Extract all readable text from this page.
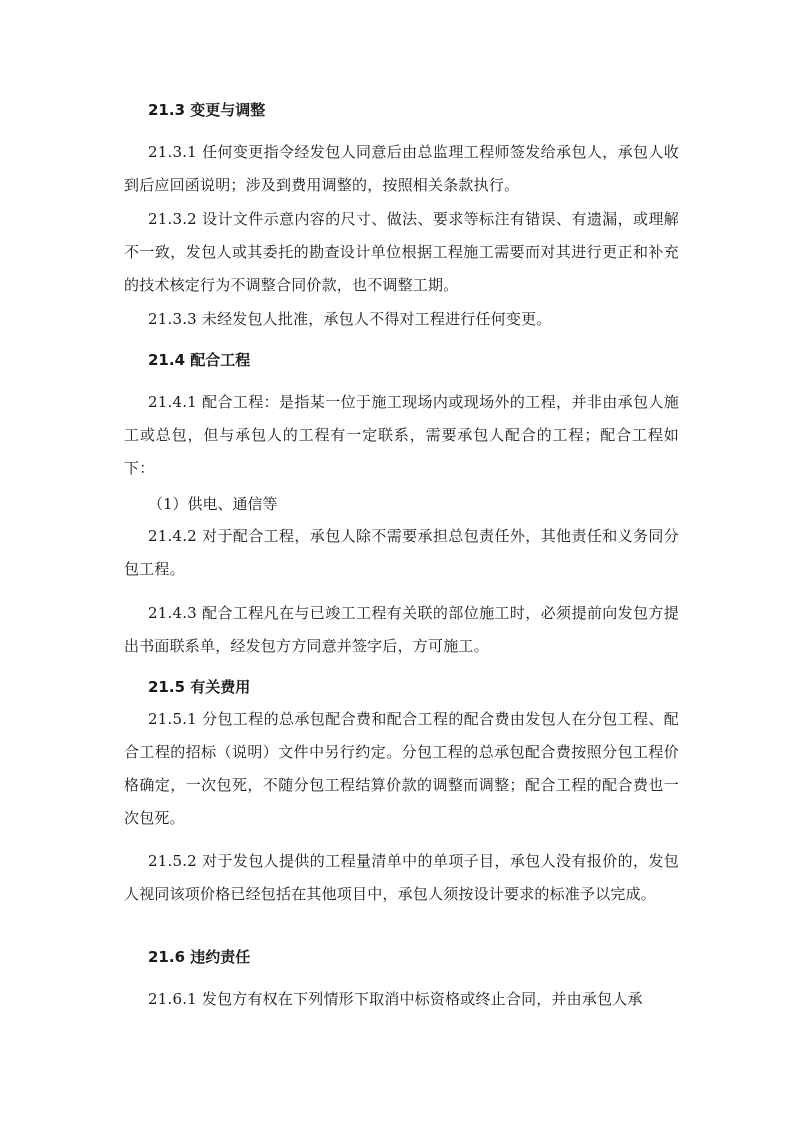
21.3 变更与调整
21.3.1 任何变更指令经发包人同意后由总监理工程师签发给承包人，承包人收到后应回函说明；涉及到费用调整的，按照相关条款执行。
21.3.2 设计文件示意内容的尺寸、做法、要求等标注有错误、有遗漏，或理解不一致，发包人或其委托的勘查设计单位根据工程施工需要而对其进行更正和补充的技术核定行为不调整合同价款，也不调整工期。
21.3.3 未经发包人批准，承包人不得对工程进行任何变更。
21.4 配合工程
21.4.1 配合工程：是指某一位于施工现场内或现场外的工程，并非由承包人施工或总包，但与承包人的工程有一定联系，需要承包人配合的工程；配合工程如下：
（1）供电、通信等
21.4.2 对于配合工程，承包人除不需要承担总包责任外，其他责任和义务同分包工程。
21.4.3 配合工程凡在与已竣工工程有关联的部位施工时，必须提前向发包方提出书面联系单，经发包方方同意并签字后，方可施工。
21.5 有关费用
21.5.1 分包工程的总承包配合费和配合工程的配合费由发包人在分包工程、配合工程的招标（说明）文件中另行约定。分包工程的总承包配合费按照分包工程价格确定，一次包死，不随分包工程结算价款的调整而调整；配合工程的配合费也一次包死。
21.5.2 对于发包人提供的工程量清单中的单项子目，承包人没有报价的，发包人视同该项价格已经包括在其他项目中，承包人须按设计要求的标准予以完成。
21.6 违约责任
21.6.1 发包方有权在下列情形下取消中标资格或终止合同，并由承包人承
